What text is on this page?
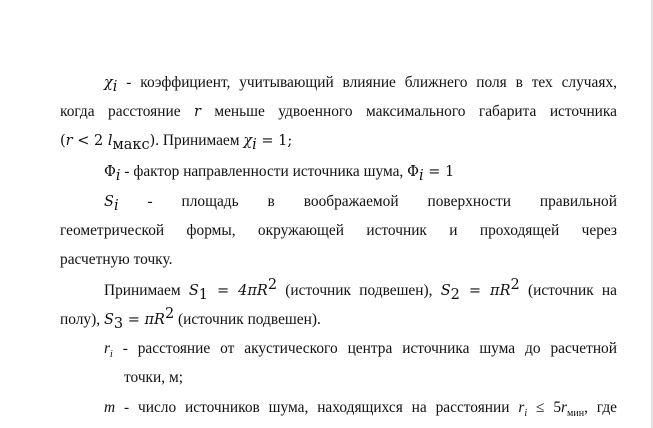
$\chi_i$ - коэффициент, учитывающий влияние ближнего поля в тех случаях,
когда расстояние r меньше удвоенного максимального габарита источника
(r < 2 $l_{макс}$). Принимаем $\chi_i = 1$;
$\Phi_i$ - фактор направленности источника шума, $\Phi_i = 1$
$S_i$ - площадь в воображаемой поверхности правильной
геометрической формы, окружающей источник и проходящей через
расчетную точку.
Принимаем $S_1 = 4\pi R^2$ (источник подвешен), $S_2 = \pi R^2$ (источник на
полу), $S_3 = \pi R^2$ (источник подвешен).
$r_i$ - расстояние от акустического центра источника шума до расчетной
точки, м;
m - число источников шума, находящихся на расстоянии $r_i \le 5r_{мин}$, где
